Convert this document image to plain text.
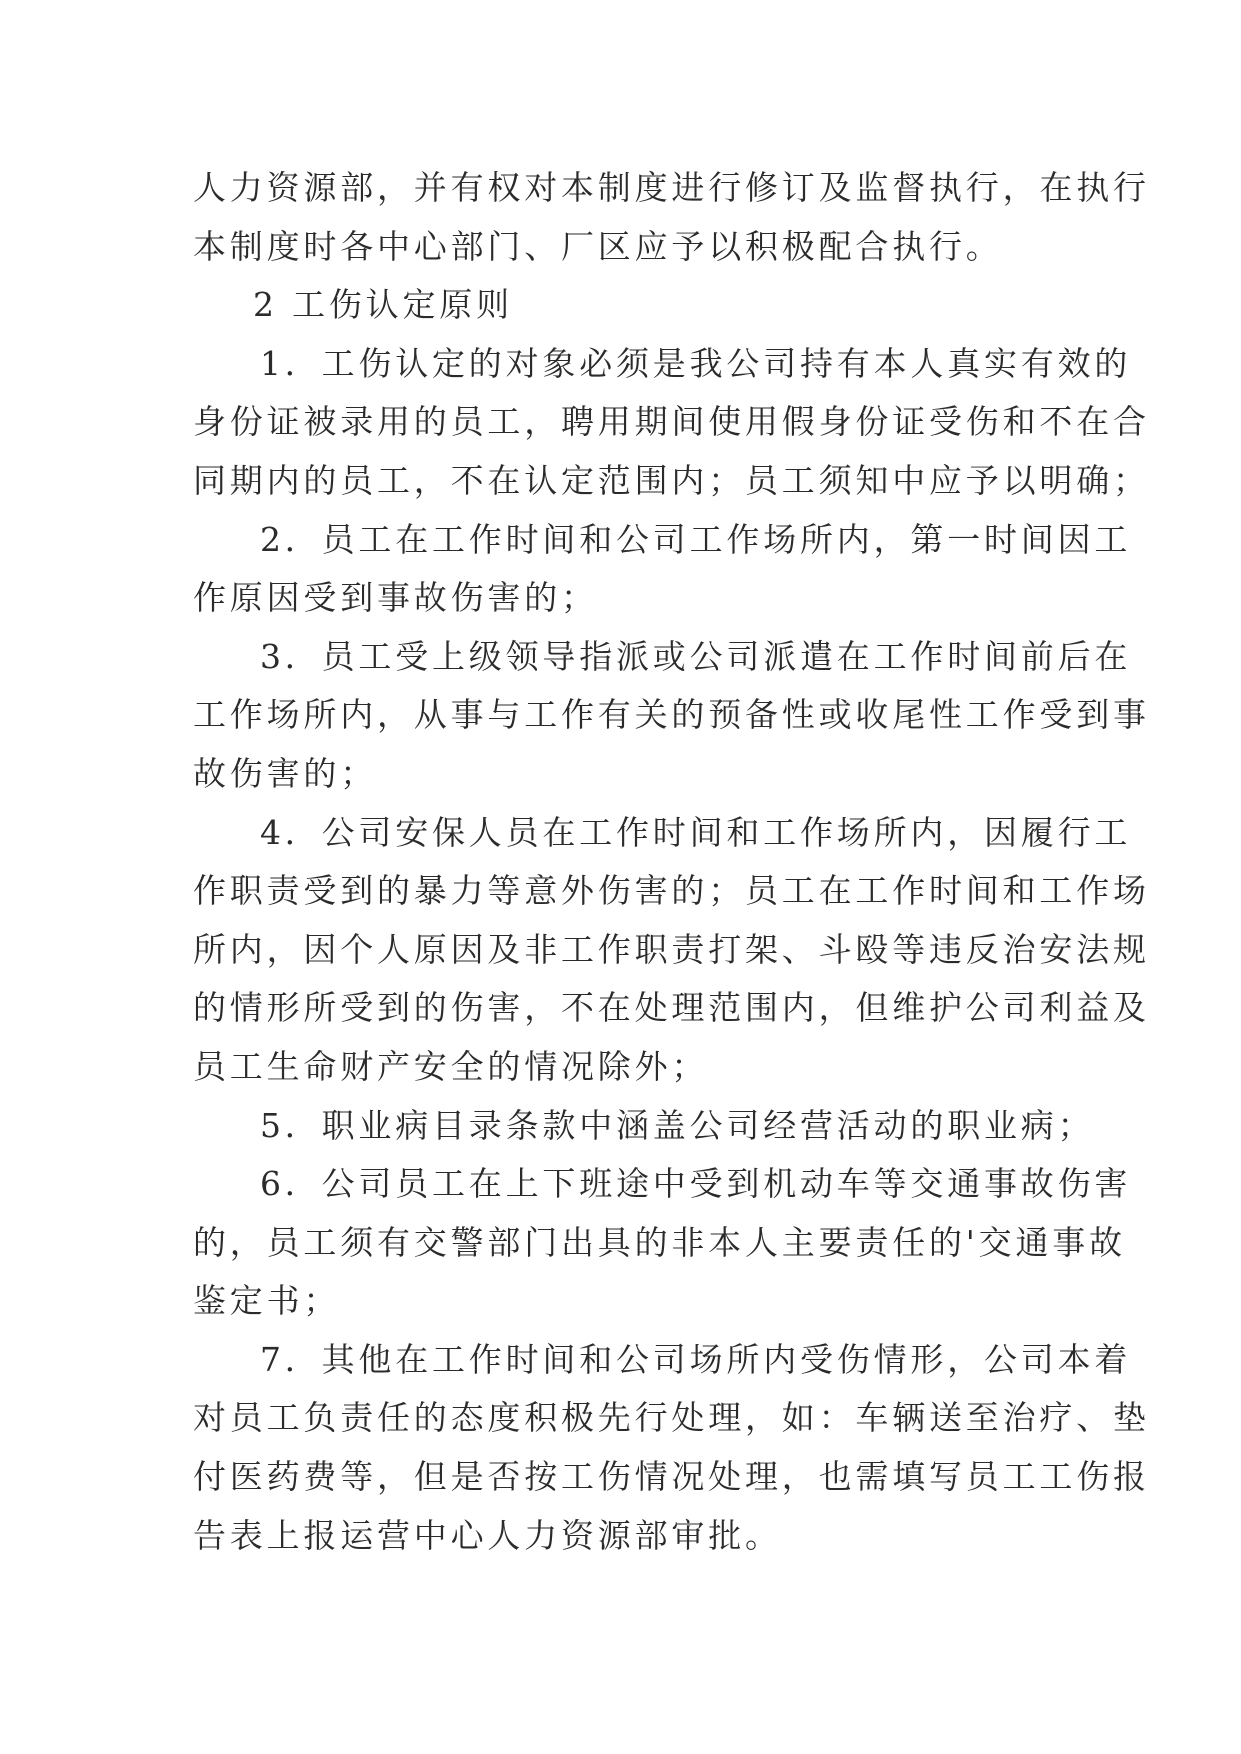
人力资源部，并有权对本制度进行修订及监督执行，在执行
本制度时各中心部门、厂区应予以积极配合执行。
2 工伤认定原则
1．工伤认定的对象必须是我公司持有本人真实有效的
身份证被录用的员工，聘用期间使用假身份证受伤和不在合
同期内的员工，不在认定范围内；员工须知中应予以明确；
2．员工在工作时间和公司工作场所内，第一时间因工
作原因受到事故伤害的；
3．员工受上级领导指派或公司派遣在工作时间前后在
工作场所内，从事与工作有关的预备性或收尾性工作受到事
故伤害的；
4．公司安保人员在工作时间和工作场所内，因履行工
作职责受到的暴力等意外伤害的；员工在工作时间和工作场
所内，因个人原因及非工作职责打架、斗殴等违反治安法规
的情形所受到的伤害，不在处理范围内，但维护公司利益及
员工生命财产安全的情况除外；
5．职业病目录条款中涵盖公司经营活动的职业病；
6．公司员工在上下班途中受到机动车等交通事故伤害
的，员工须有交警部门出具的非本人主要责任的'交通事故
鉴定书；
7．其他在工作时间和公司场所内受伤情形，公司本着
对员工负责任的态度积极先行处理，如：车辆送至治疗、垫
付医药费等，但是否按工伤情况处理，也需填写员工工伤报
告表上报运营中心人力资源部审批。
